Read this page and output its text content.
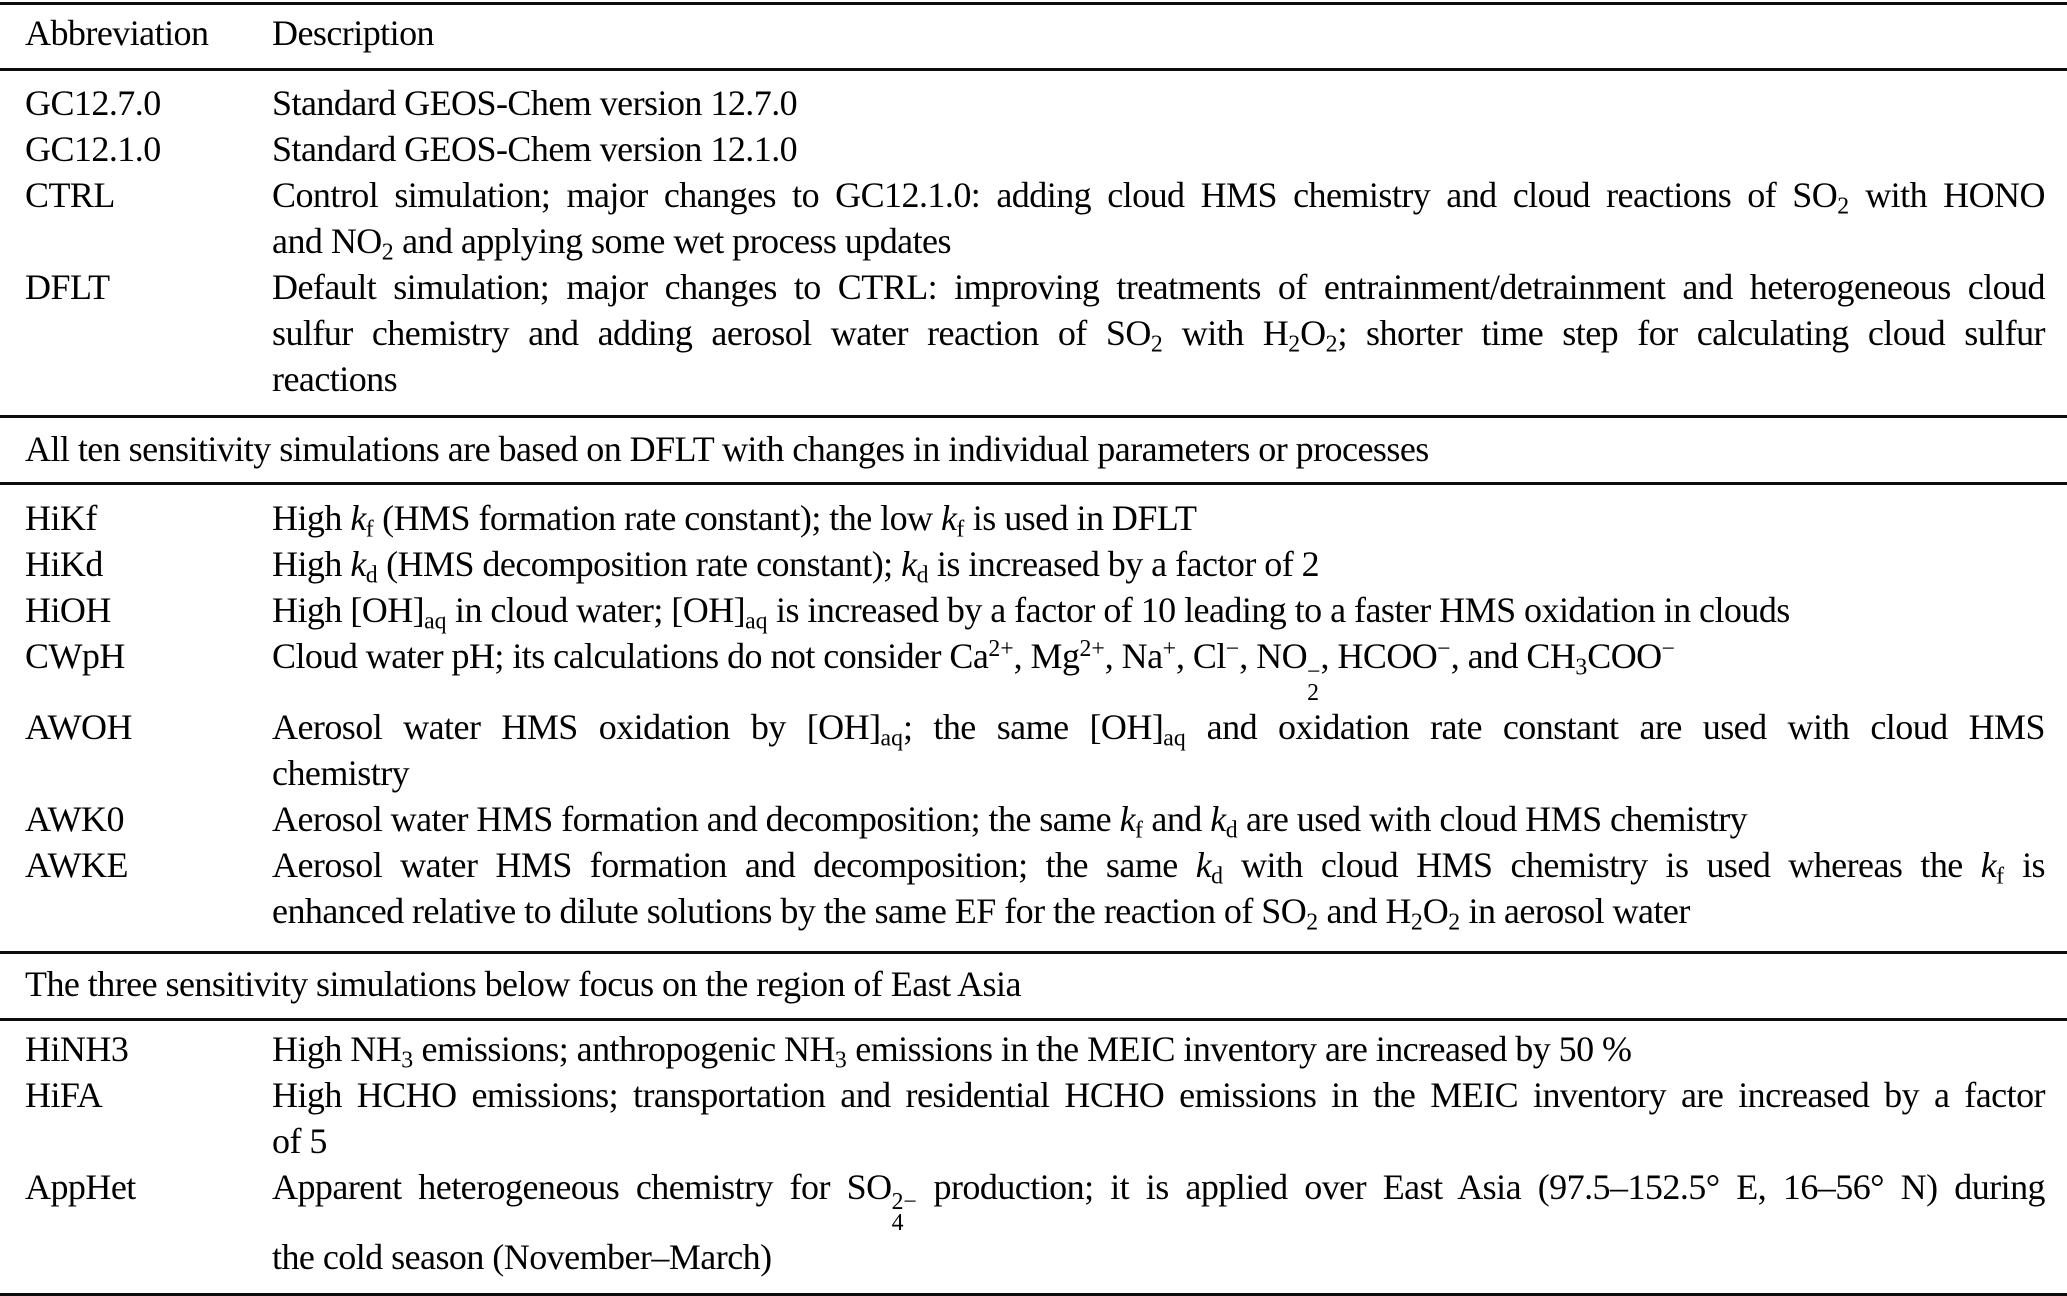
Abbreviation	Description
GC12.7.0	Standard GEOS-Chem version 12.7.0
GC12.1.0	Standard GEOS-Chem version 12.1.0
CTRL	Control simulation; major changes to GC12.1.0: adding cloud HMS chemistry and cloud reactions of $SO_2$ with HONO
and $NO_2$ and applying some wet process updates
DFLT	Default simulation; major changes to CTRL: improving treatments of entrainment/detrainment and heterogeneous cloud
sulfur chemistry and adding aerosol water reaction of $SO_2$ with $H_2O_2$; shorter time step for calculating cloud sulfur
reactions
All ten sensitivity simulations are based on DFLT with changes in individual parameters or processes
HiKf	High $k_f$ (HMS formation rate constant); the low $k_f$ is used in DFLT
HiKd	High $k_d$ (HMS decomposition rate constant); $k_d$ is increased by a factor of 2
HiOH	High $[OH]_{aq}$ in cloud water; $[OH]_{aq}$ is increased by a factor of 10 leading to a faster HMS oxidation in clouds
CWpH	Cloud water pH; its calculations do not consider $Ca^{2+}$, $Mg^{2+}$, Na+, Cl−, NO −
2
, HCOO−, and $CH_3COO^-$
AWOH	Aerosol water HMS oxidation by $[OH]_{aq}$; the same $[OH]_{aq}$ and oxidation rate constant are used with cloud HMS
chemistry
AWK0	Aerosol water HMS formation and decomposition; the same $k_f$ and $k_d$ are used with cloud HMS chemistry
AWKE	Aerosol water HMS formation and decomposition; the same $k_d$ with cloud HMS chemistry is used whereas the $k_f$ is
enhanced relative to dilute solutions by the same EF for the reaction of $SO_2$ and $H_2O_2$ in aerosol water
The three sensitivity simulations below focus on the region of East Asia
HiNH3	High $NH_3$ emissions; anthropogenic $NH_3$ emissions in the MEIC inventory are increased by 50 %
HiFA	High HCHO emissions; transportation and residential HCHO emissions in the MEIC inventory are increased by a factor
of 5
AppHet	Apparent heterogeneous chemistry for SO 2−
4
production; it is applied over East Asia (97.5–152.5° E, 16–56° N) during
the cold season (November–March)
